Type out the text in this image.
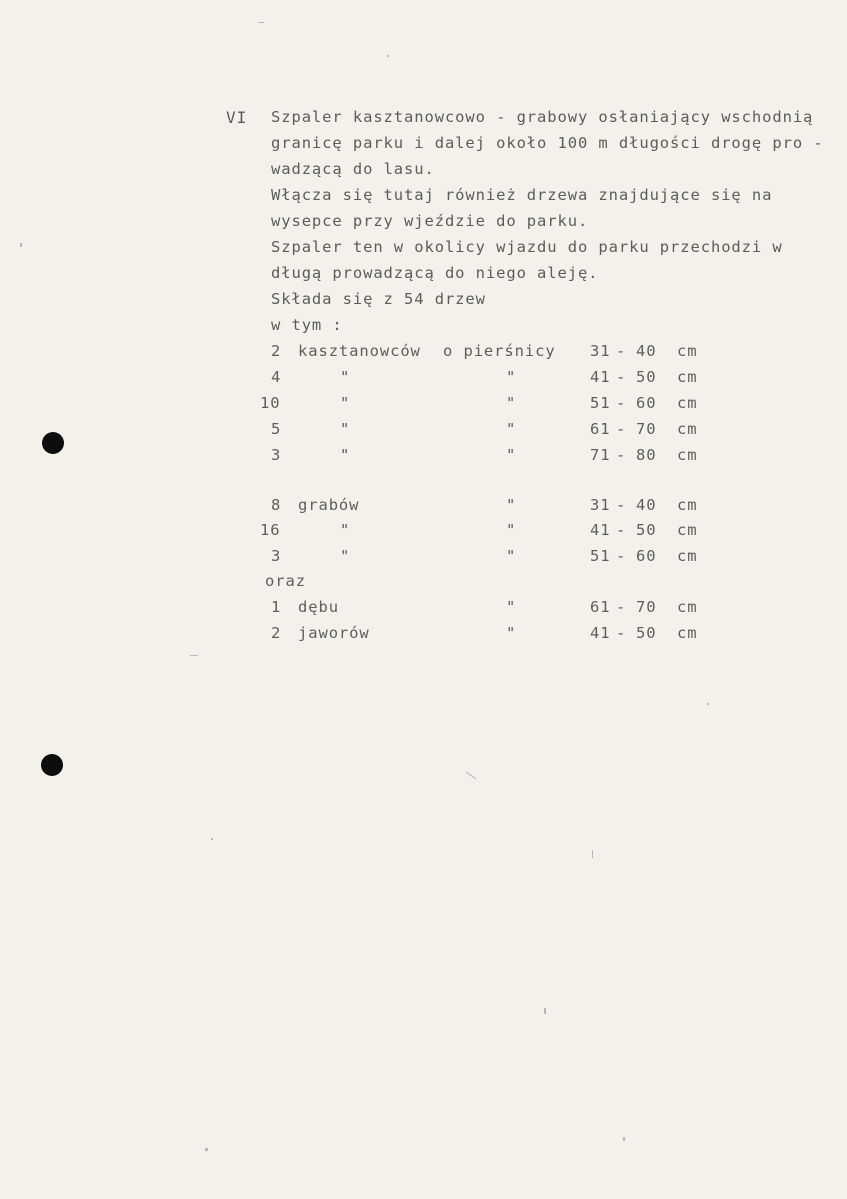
VI Szpaler kasztanowcowo - grabowy osłaniający wschodnią
granicę parku i dalej około 100 m długości drogę pro -
wadzącą do lasu.
Włącza się tutaj również drzewa znajdujące się na
wysepce przy wjeździe do parku.
Szpaler ten w okolicy wjazdu do parku przechodzi w
długą prowadzącą do niego aleję.
Składa się z 54 drzew
w tym :
2 kasztanowców o pierśnicy 31 - 40 cm
4	"	"	41 - 50 cm
10	"	"	51 - 60 cm
5	"	"	61 - 70 cm
3	"	"	71 - 80 cm
8 grabów	"	31 - 40 cm
16	"	"	41 - 50 cm
3	"	"	51 - 60 cm
oraz
1 dębu	"	61 - 70 cm
2 jaworów	"	41 - 50 cm
